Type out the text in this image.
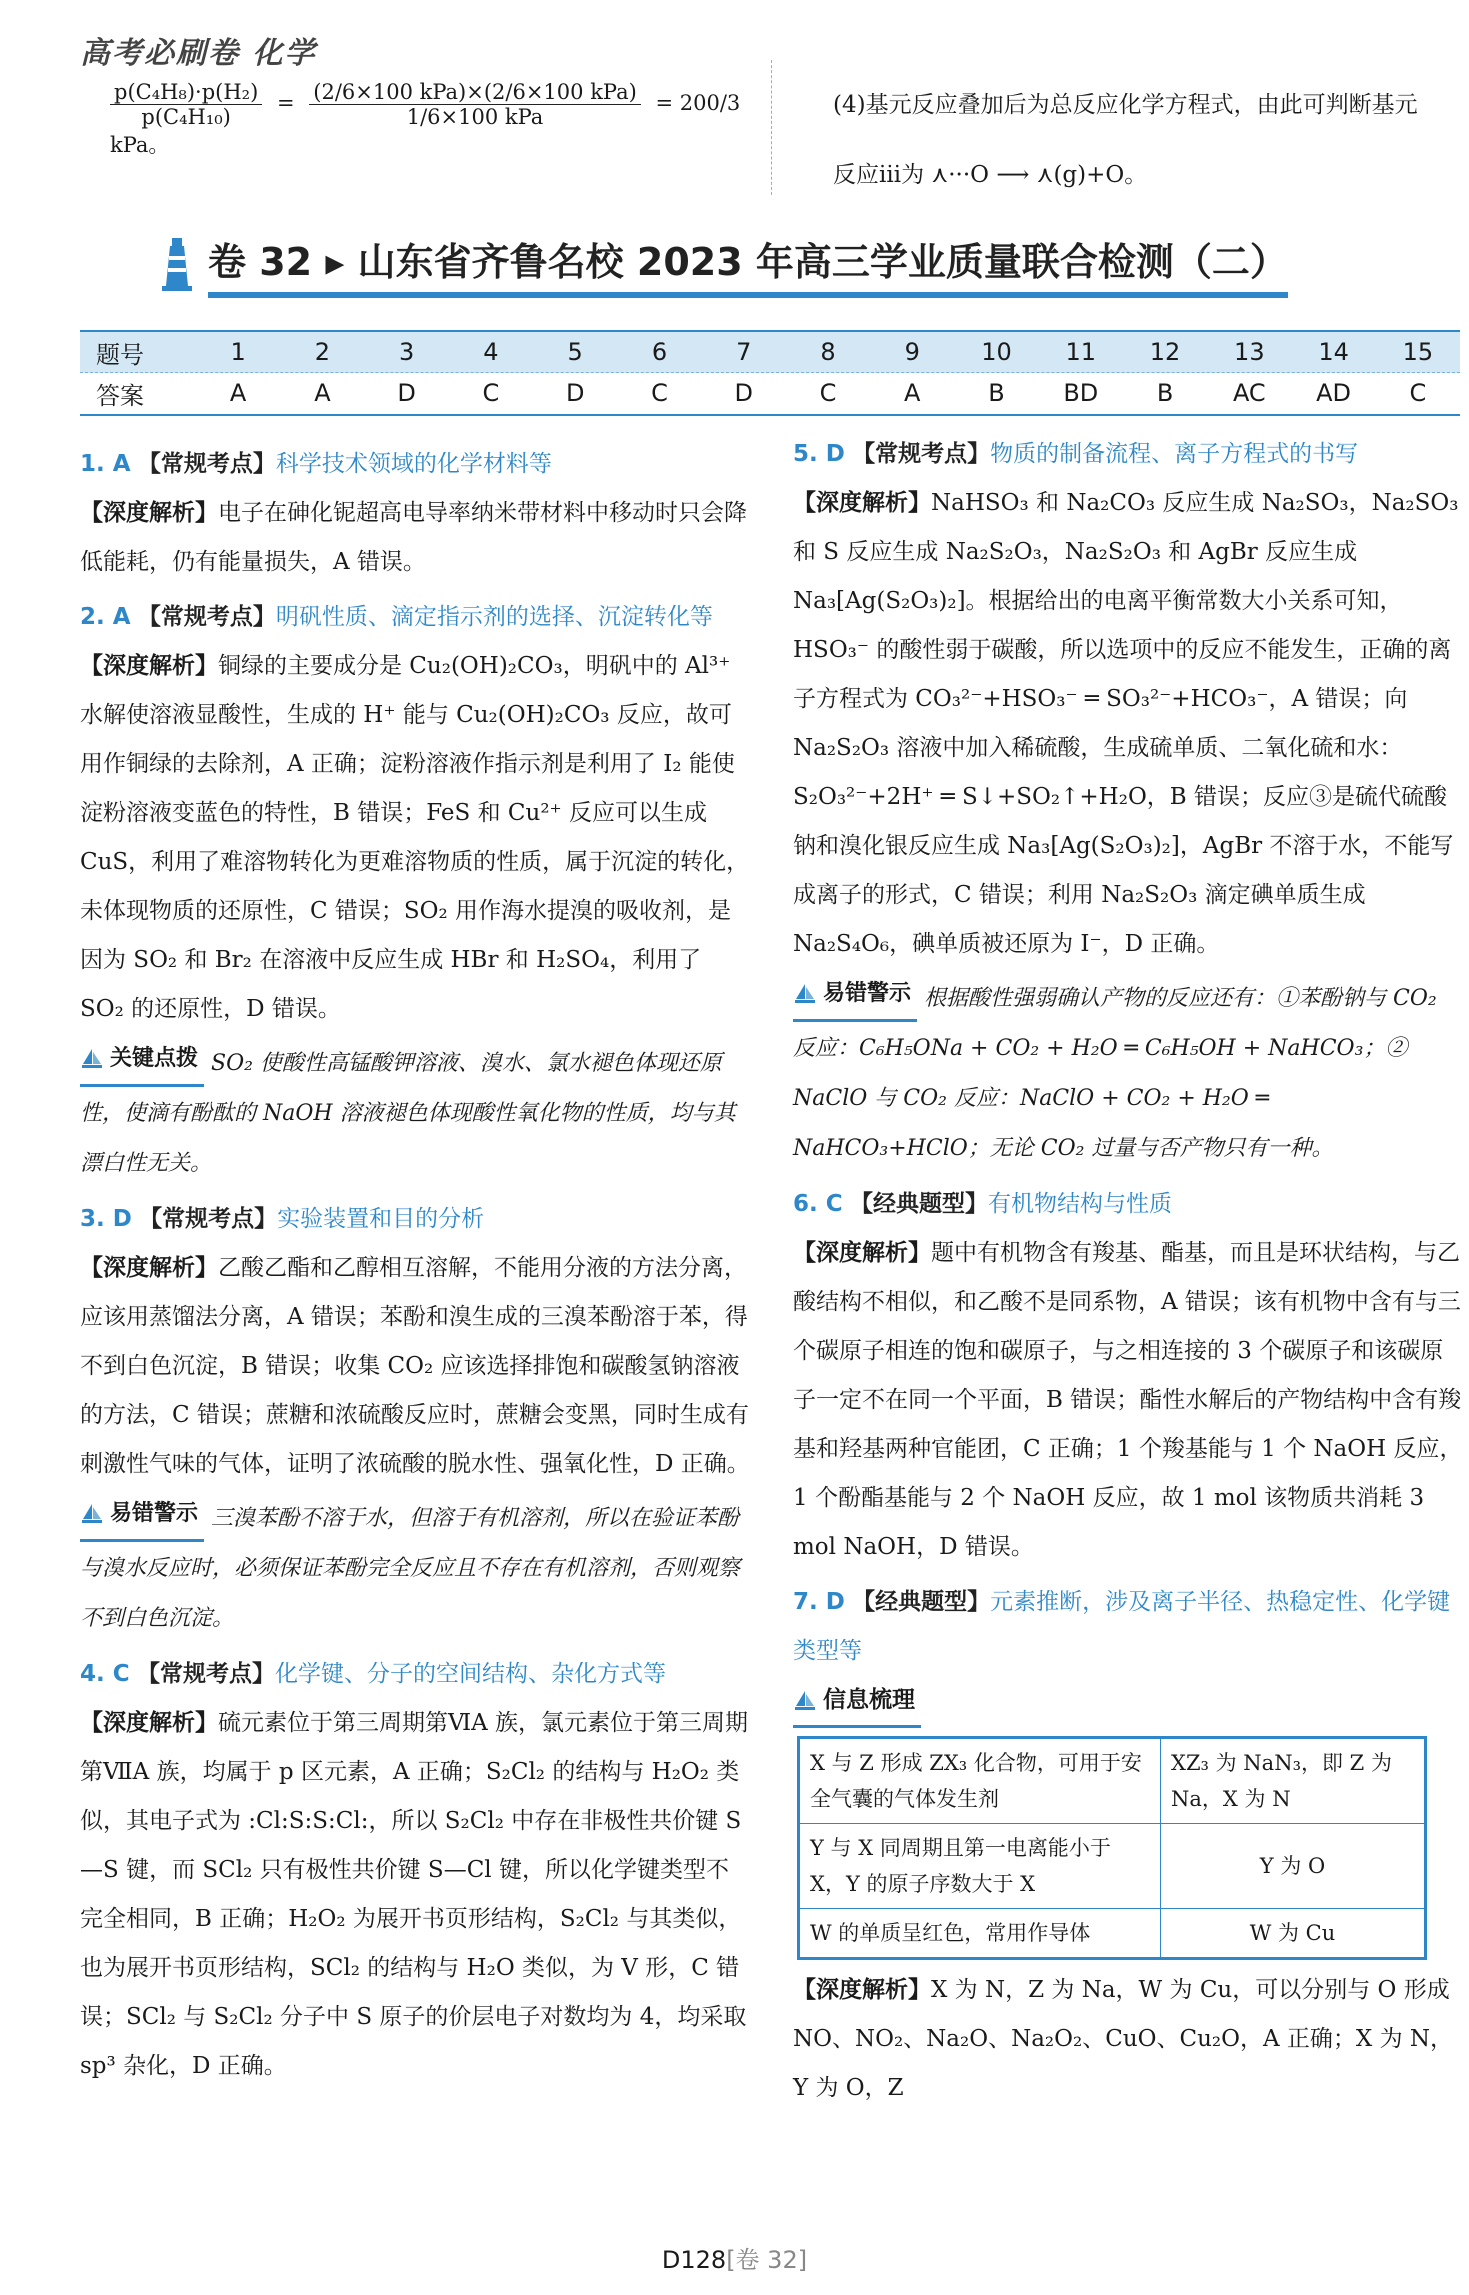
高考必刷卷 化学
$\frac{\text{p(C₄H₈)·p(H₂)}}{\text{p(C₄H₁₀)}} = \frac{\text{(2/6×100 kPa)×(2/6×100 kPa)}}{\text{1/6×100 kPa}} = 200/3$ kPa。
(4)基元反应叠加后为总反应化学方程式，由此可判断基元
反应ⅲ为 ⋏···O ⟶ ⋏(g)+O。
卷 32 ▸ 山东省齐鲁名校 2023 年高三学业质量联合检测（二）
题号	1	2	3	4	5	6	7	8	9	10	11	12	13	14	15
答案	A	A	D	C	D	C	D	C	A	B	BD	B	AC	AD	C
1. A 【常规考点】科学技术领域的化学材料等
【深度解析】电子在砷化铌超高电导率纳米带材料中移动时只会降低能耗，仍有能量损失，A 错误。
2. A 【常规考点】明矾性质、滴定指示剂的选择、沉淀转化等
【深度解析】铜绿的主要成分是 Cu₂(OH)₂CO₃，明矾中的 Al³⁺ 水解使溶液显酸性，生成的 H⁺ 能与 Cu₂(OH)₂CO₃ 反应，故可用作铜绿的去除剂，A 正确；淀粉溶液作指示剂是利用了 I₂ 能使淀粉溶液变蓝色的特性，B 错误；FeS 和 Cu²⁺ 反应可以生成 CuS，利用了难溶物转化为更难溶物质的性质，属于沉淀的转化，未体现物质的还原性，C 错误；SO₂ 用作海水提溴的吸收剂，是因为 SO₂ 和 Br₂ 在溶液中反应生成 HBr 和 H₂SO₄，利用了 SO₂ 的还原性，D 错误。
关键点拨 SO₂ 使酸性高锰酸钾溶液、溴水、氯水褪色体现还原性，使滴有酚酞的 NaOH 溶液褪色体现酸性氧化物的性质，均与其漂白性无关。
3. D 【常规考点】实验装置和目的分析
【深度解析】乙酸乙酯和乙醇相互溶解，不能用分液的方法分离，应该用蒸馏法分离，A 错误；苯酚和溴生成的三溴苯酚溶于苯，得不到白色沉淀，B 错误；收集 CO₂ 应该选择排饱和碳酸氢钠溶液的方法，C 错误；蔗糖和浓硫酸反应时，蔗糖会变黑，同时生成有刺激性气味的气体，证明了浓硫酸的脱水性、强氧化性，D 正确。
易错警示 三溴苯酚不溶于水，但溶于有机溶剂，所以在验证苯酚与溴水反应时，必须保证苯酚完全反应且不存在有机溶剂，否则观察不到白色沉淀。
4. C 【常规考点】化学键、分子的空间结构、杂化方式等
【深度解析】硫元素位于第三周期第ⅥA 族，氯元素位于第三周期第ⅦA 族，均属于 p 区元素，A 正确；S₂Cl₂ 的结构与 H₂O₂ 类似，其电子式为 :Cl:S:S:Cl:，所以 S₂Cl₂ 中存在非极性共价键 S—S 键，而 SCl₂ 只有极性共价键 S—Cl 键，所以化学键类型不完全相同，B 正确；H₂O₂ 为展开书页形结构，S₂Cl₂ 与其类似，也为展开书页形结构，SCl₂ 的结构与 H₂O 类似，为 V 形，C 错误；SCl₂ 与 S₂Cl₂ 分子中 S 原子的价层电子对数均为 4，均采取 sp³ 杂化，D 正确。
5. D 【常规考点】物质的制备流程、离子方程式的书写
【深度解析】NaHSO₃ 和 Na₂CO₃ 反应生成 Na₂SO₃，Na₂SO₃ 和 S 反应生成 Na₂S₂O₃，Na₂S₂O₃ 和 AgBr 反应生成 Na₃[Ag(S₂O₃)₂]。根据给出的电离平衡常数大小关系可知，HSO₃⁻ 的酸性弱于碳酸，所以选项中的反应不能发生，正确的离子方程式为 CO₃²⁻+HSO₃⁻ ═ SO₃²⁻+HCO₃⁻，A 错误；向 Na₂S₂O₃ 溶液中加入稀硫酸，生成硫单质、二氧化硫和水：S₂O₃²⁻+2H⁺ ═ S↓+SO₂↑+H₂O，B 错误；反应③是硫代硫酸钠和溴化银反应生成 Na₃[Ag(S₂O₃)₂]，AgBr 不溶于水，不能写成离子的形式，C 错误；利用 Na₂S₂O₃ 滴定碘单质生成 Na₂S₄O₆，碘单质被还原为 I⁻，D 正确。
易错警示 根据酸性强弱确认产物的反应还有：①苯酚钠与 CO₂ 反应：C₆H₅ONa + CO₂ + H₂O ═ C₆H₅OH + NaHCO₃；② NaClO 与 CO₂ 反应：NaClO + CO₂ + H₂O ═ NaHCO₃+HClO；无论 CO₂ 过量与否产物只有一种。
6. C 【经典题型】有机物结构与性质
【深度解析】题中有机物含有羧基、酯基，而且是环状结构，与乙酸结构不相似，和乙酸不是同系物，A 错误；该有机物中含有与三个碳原子相连的饱和碳原子，与之相连接的 3 个碳原子和该碳原子一定不在同一个平面，B 错误；酯性水解后的产物结构中含有羧基和羟基两种官能团，C 正确；1 个羧基能与 1 个 NaOH 反应，1 个酚酯基能与 2 个 NaOH 反应，故 1 mol 该物质共消耗 3 mol NaOH，D 错误。
7. D 【经典题型】元素推断，涉及离子半径、热稳定性、化学键类型等
信息梳理
X 与 Z 形成 ZX₃ 化合物，可用于安全气囊的气体发生剂	XZ₃ 为 NaN₃，即 Z 为 Na，X 为 N
Y 与 X 同周期且第一电离能小于 X，Y 的原子序数大于 X	Y 为 O
W 的单质呈红色，常用作导体	W 为 Cu
【深度解析】X 为 N，Z 为 Na，W 为 Cu，可以分别与 O 形成 NO、NO₂、Na₂O、Na₂O₂、CuO、Cu₂O，A 正确；X 为 N，Y 为 O，Z
D128[卷 32]
